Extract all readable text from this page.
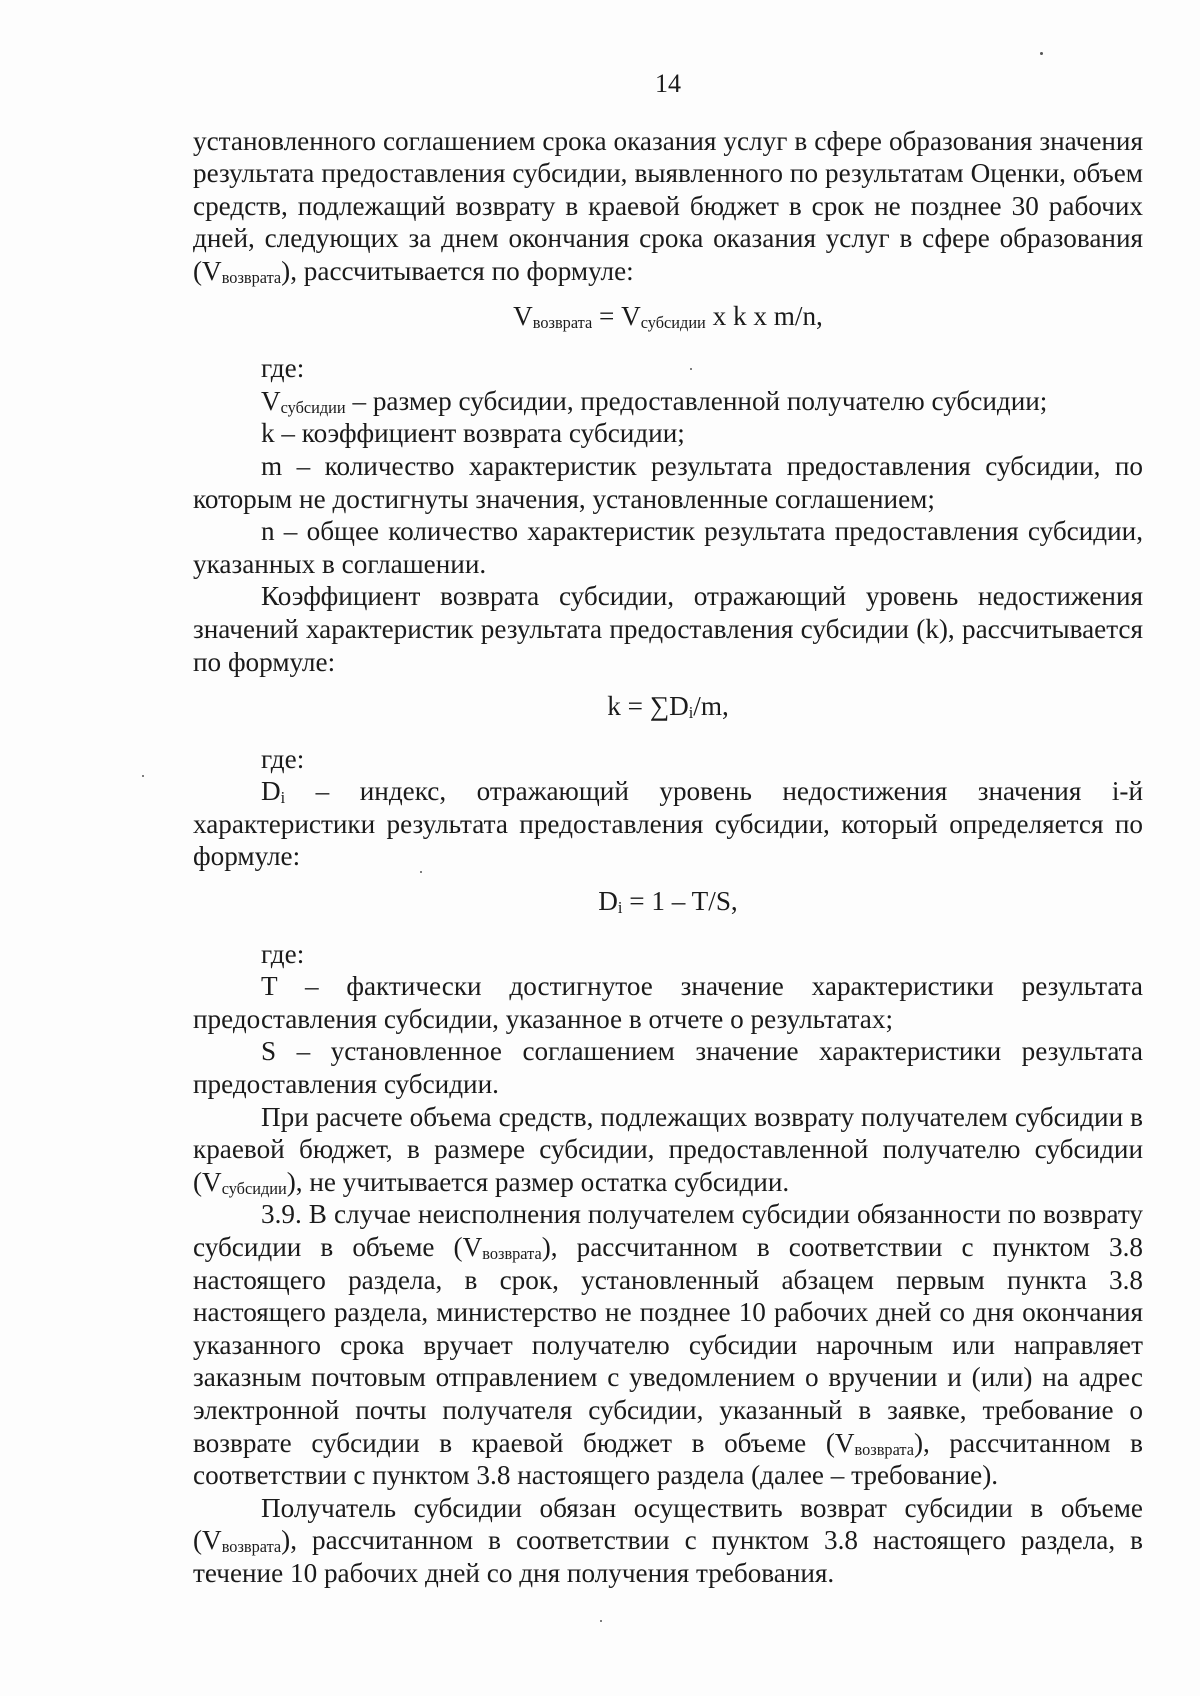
14

установленного соглашением срока оказания услуг в сфере образования значения результата предоставления субсидии, выявленного по результатам Оценки, объем средств, подлежащий возврату в краевой бюджет в срок не позднее 30 рабочих дней, следующих за днем окончания срока оказания услуг в сфере образования $(V_{возврата})$, рассчитывается по формуле:

$V_{возврата} = V_{субсидии}$ x k x m/n,

где:

$V_{субсидии}$ – размер субсидии, предоставленной получателю субсидии;

k – коэффициент возврата субсидии;

m – количество характеристик результата предоставления субсидии, по которым не достигнуты значения, установленные соглашением;

n – общее количество характеристик результата предоставления субсидии, указанных в соглашении.

Коэффициент возврата субсидии, отражающий уровень недостижения значений характеристик результата предоставления субсидии (k), рассчитывается по формуле:

$k = \sum D_i/m$,

где:

$D_i$ – индекс, отражающий уровень недостижения значения i-й характеристики результата предоставления субсидии, который определяется по формуле:

$D_i = 1 - T/S$,

где:

T – фактически достигнутое значение характеристики результата предоставления субсидии, указанное в отчете о результатах;

S – установленное соглашением значение характеристики результата предоставления субсидии.

При расчете объема средств, подлежащих возврату получателем субсидии в краевой бюджет, в размере субсидии, предоставленной получателю субсидии $(V_{субсидии})$, не учитывается размер остатка субсидии.

3.9. В случае неисполнения получателем субсидии обязанности по возврату субсидии в объеме $(V_{возврата})$, рассчитанном в соответствии с пунктом 3.8 настоящего раздела, в срок, установленный абзацем первым пункта 3.8 настоящего раздела, министерство не позднее 10 рабочих дней со дня окончания указанного срока вручает получателю субсидии нарочным или направляет заказным почтовым отправлением с уведомлением о вручении и (или) на адрес электронной почты получателя субсидии, указанный в заявке, требование о возврате субсидии в краевой бюджет в объеме $(V_{возврата})$, рассчитанном в соответствии с пунктом 3.8 настоящего раздела (далее – требование).

Получатель субсидии обязан осуществить возврат субсидии в объеме $(V_{возврата})$, рассчитанном в соответствии с пунктом 3.8 настоящего раздела, в течение 10 рабочих дней со дня получения требования.
